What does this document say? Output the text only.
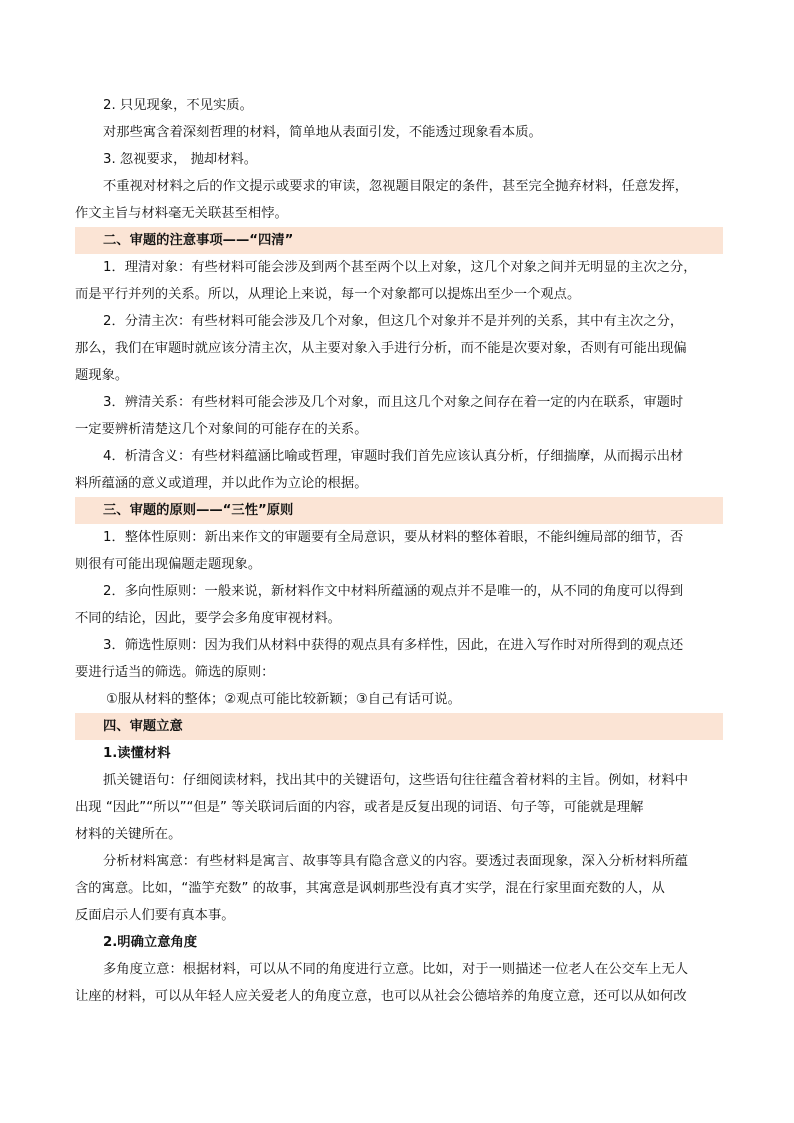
2. 只见现象，不见实质。
对那些寓含着深刻哲理的材料，简单地从表面引发，不能透过现象看本质。
3. 忽视要求， 抛却材料。
不重视对材料之后的作文提示或要求的审读，忽视题目限定的条件，甚至完全抛弃材料，任意发挥，
作文主旨与材料毫无关联甚至相悖。
二、审题的注意事项——“四清”
1．理清对象：有些材料可能会涉及到两个甚至两个以上对象，这几个对象之间并无明显的主次之分，
而是平行并列的关系。所以，从理论上来说，每一个对象都可以提炼出至少一个观点。
2．分清主次：有些材料可能会涉及几个对象，但这几个对象并不是并列的关系，其中有主次之分，
那么，我们在审题时就应该分清主次，从主要对象入手进行分析，而不能是次要对象，否则有可能出现偏
题现象。
3．辨清关系：有些材料可能会涉及几个对象，而且这几个对象之间存在着一定的内在联系，审题时
一定要辨析清楚这几个对象间的可能存在的关系。
4．析清含义：有些材料蕴涵比喻或哲理，审题时我们首先应该认真分析，仔细揣摩，从而揭示出材
料所蕴涵的意义或道理，并以此作为立论的根据。
三、审题的原则——“三性”原则
1．整体性原则：新出来作文的审题要有全局意识，要从材料的整体着眼，不能纠缠局部的细节，否
则很有可能出现偏题走题现象。
2．多向性原则：一般来说，新材料作文中材料所蕴涵的观点并不是唯一的，从不同的角度可以得到
不同的结论，因此，要学会多角度审视材料。
3．筛选性原则：因为我们从材料中获得的观点具有多样性，因此，在进入写作时对所得到的观点还
要进行适当的筛选。筛选的原则：
①服从材料的整体；②观点可能比较新颖；③自己有话可说。
四、审题立意
1.读懂材料
抓关键语句：仔细阅读材料，找出其中的关键语句，这些语句往往蕴含着材料的主旨。例如，材料中
出现 “因此”“所以”“但是” 等关联词后面的内容，或者是反复出现的词语、句子等，可能就是理解
材料的关键所在。
分析材料寓意：有些材料是寓言、故事等具有隐含意义的内容。要透过表面现象，深入分析材料所蕴
含的寓意。比如，“滥竽充数” 的故事，其寓意是讽刺那些没有真才实学，混在行家里面充数的人，从
反面启示人们要有真本事。
2.明确立意角度
多角度立意：根据材料，可以从不同的角度进行立意。比如，对于一则描述一位老人在公交车上无人
让座的材料，可以从年轻人应关爱老人的角度立意，也可以从社会公德培养的角度立意，还可以从如何改
